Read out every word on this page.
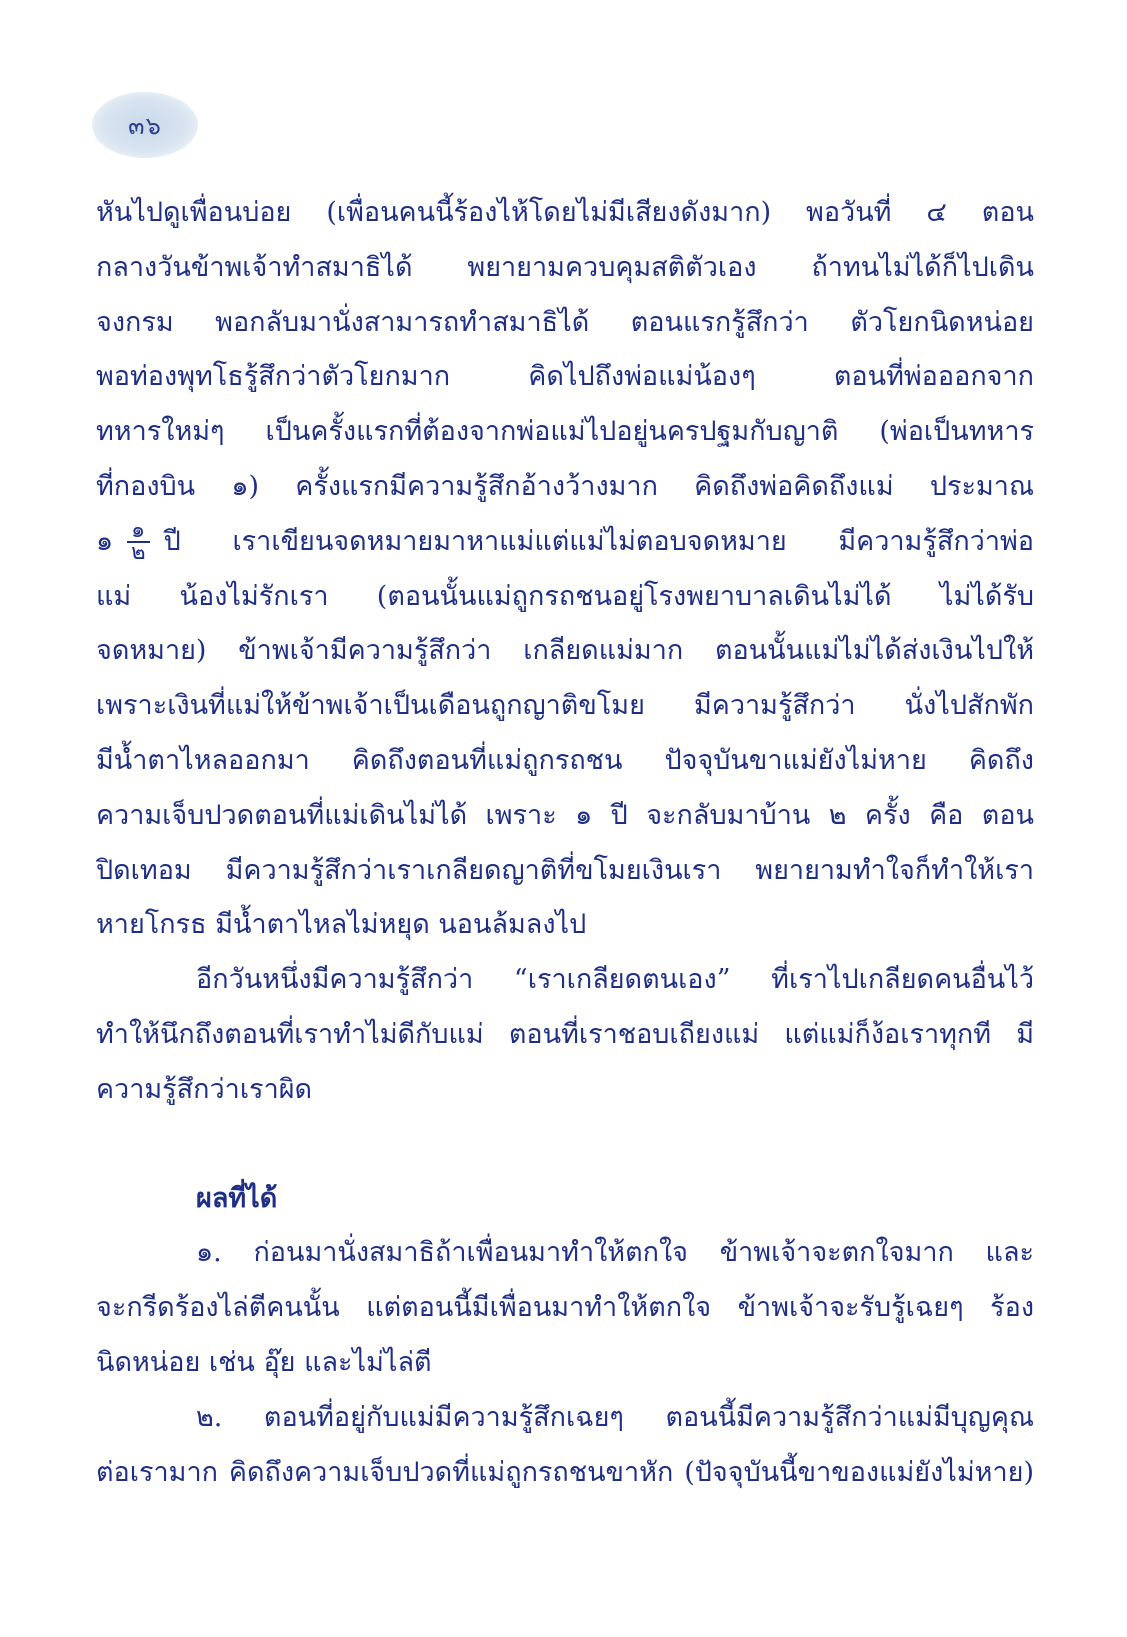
๓๖
หันไปดูเพื่อนบ่อย (เพื่อนคนนี้ร้องไห้โดยไม่มีเสียงดังมาก) พอวันที่ ๔ ตอน
กลางวันข้าพเจ้าทำสมาธิได้ พยายามควบคุมสติตัวเอง ถ้าทนไม่ได้ก็ไปเดิน
จงกรม พอกลับมานั่งสามารถทำสมาธิได้ ตอนแรกรู้สึกว่า ตัวโยกนิดหน่อย
พอท่องพุทโธรู้สึกว่าตัวโยกมาก คิดไปถึงพ่อแม่น้องๆ ตอนที่พ่อออกจาก
ทหารใหม่ๆ เป็นครั้งแรกที่ต้องจากพ่อแม่ไปอยู่นครปฐมกับญาติ (พ่อเป็นทหาร
ที่กองบิน ๑) ครั้งแรกมีความรู้สึกอ้างว้างมาก คิดถึงพ่อคิดถึงแม่ ประมาณ
๑ $\frac{๑}{๒}$ ปี เราเขียนจดหมายมาหาแม่แต่แม่ไม่ตอบจดหมาย มีความรู้สึกว่าพ่อ
แม่ น้องไม่รักเรา (ตอนนั้นแม่ถูกรถชนอยู่โรงพยาบาลเดินไม่ได้ ไม่ได้รับ
จดหมาย) ข้าพเจ้ามีความรู้สึกว่า เกลียดแม่มาก ตอนนั้นแม่ไม่ได้ส่งเงินไปให้
เพราะเงินที่แม่ให้ข้าพเจ้าเป็นเดือนถูกญาติขโมย มีความรู้สึกว่า นั่งไปสักพัก
มีน้ำตาไหลออกมา คิดถึงตอนที่แม่ถูกรถชน ปัจจุบันขาแม่ยังไม่หาย คิดถึง
ความเจ็บปวดตอนที่แม่เดินไม่ได้ เพราะ ๑ ปี จะกลับมาบ้าน ๒ ครั้ง คือ ตอน
ปิดเทอม มีความรู้สึกว่าเราเกลียดญาติที่ขโมยเงินเรา พยายามทำใจก็ทำให้เรา
หายโกรธ มีน้ำตาไหลไม่หยุด นอนล้มลงไป
อีกวันหนึ่งมีความรู้สึกว่า “เราเกลียดตนเอง” ที่เราไปเกลียดคนอื่นไว้
ทำให้นึกถึงตอนที่เราทำไม่ดีกับแม่ ตอนที่เราชอบเถียงแม่ แต่แม่ก็ง้อเราทุกที มี
ความรู้สึกว่าเราผิด
ผลที่ได้
๑. ก่อนมานั่งสมาธิถ้าเพื่อนมาทำให้ตกใจ ข้าพเจ้าจะตกใจมาก และ
จะกรีดร้องไล่ตีคนนั้น แต่ตอนนี้มีเพื่อนมาทำให้ตกใจ ข้าพเจ้าจะรับรู้เฉยๆ ร้อง
นิดหน่อย เช่น อุ๊ย และไม่ไล่ตี
๒. ตอนที่อยู่กับแม่มีความรู้สึกเฉยๆ ตอนนี้มีความรู้สึกว่าแม่มีบุญคุณ
ต่อเรามาก คิดถึงความเจ็บปวดที่แม่ถูกรถชนขาหัก (ปัจจุบันนี้ขาของแม่ยังไม่หาย)
